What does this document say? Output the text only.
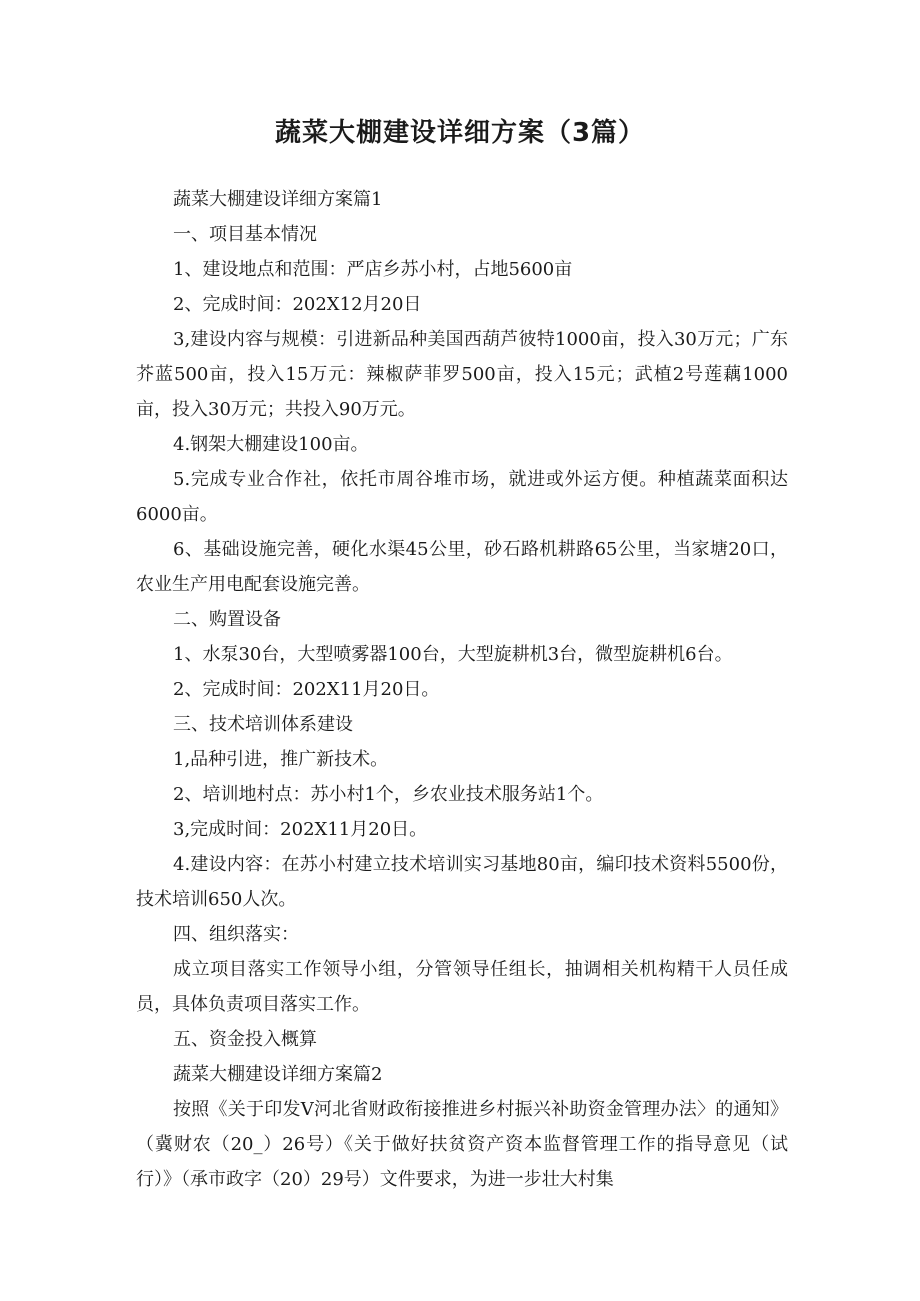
蔬菜大棚建设详细方案（3篇）

蔬菜大棚建设详细方案篇1

一、项目基本情况

1、建设地点和范围：严店乡苏小村，占地5600亩

2、完成时间：202X12月20日

3,建设内容与规模：引进新品种美国西葫芦彼特1000亩，投入30万元；广东芥蓝500亩，投入15万元：辣椒萨菲罗500亩，投入15元；武植2号莲藕1000亩，投入30万元；共投入90万元。

4.钢架大棚建设100亩。

5.完成专业合作社，依托市周谷堆市场，就进或外运方便。种植蔬菜面积达6000亩。

6、基础设施完善，硬化水渠45公里，砂石路机耕路65公里，当家塘20口，农业生产用电配套设施完善。

二、购置设备

1、水泵30台，大型喷雾器100台，大型旋耕机3台，微型旋耕机6台。

2、完成时间：202X11月20日。

三、技术培训体系建设

1,品种引进，推广新技术。

2、培训地村点：苏小村1个，乡农业技术服务站1个。

3,完成时间：202X11月20日。

4.建设内容：在苏小村建立技术培训实习基地80亩，编印技术资料5500份，技术培训650人次。

四、组织落实：

成立项目落实工作领导小组，分管领导任组长，抽调相关机构精干人员任成员，具体负责项目落实工作。

五、资金投入概算

蔬菜大棚建设详细方案篇2

按照《关于印发V河北省财政衔接推进乡村振兴补助资金管理办法〉的通知》（冀财农（20_）26号）《关于做好扶贫资产资本监督管理工作的指导意见（试行）》（承市政字（20）29号）文件要求，为进一步壮大村集
